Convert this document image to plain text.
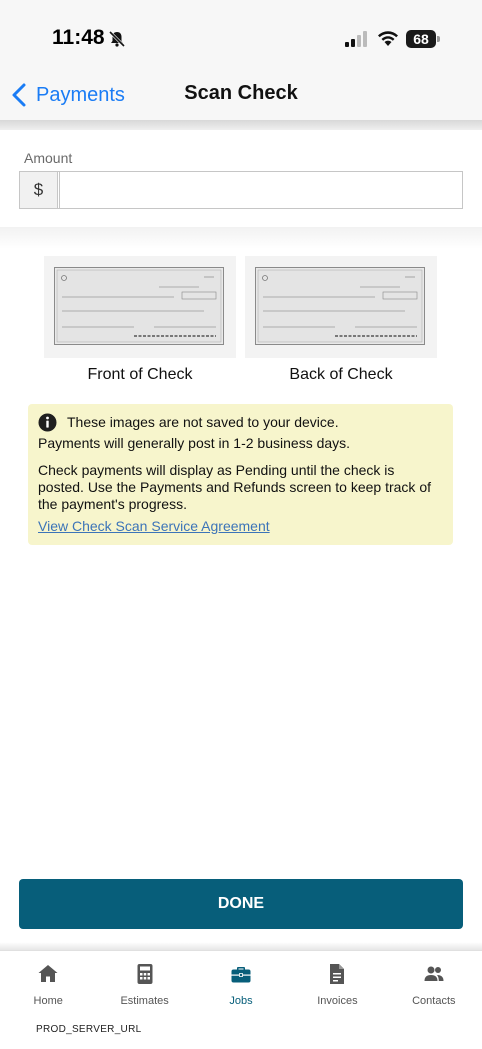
11:48	68
Scan Check
Payments
Amount
$
Front of Check	Back of Check
These images are not saved to your device.
Payments will generally post in 1-2 business days.
Check payments will display as Pending until the check is posted. Use the Payments and Refunds screen to keep track of the payment's progress.
View Check Scan Service Agreement
DONE
Home	Estimates	Jobs	Invoices	Contacts
PROD_SERVER_URL
